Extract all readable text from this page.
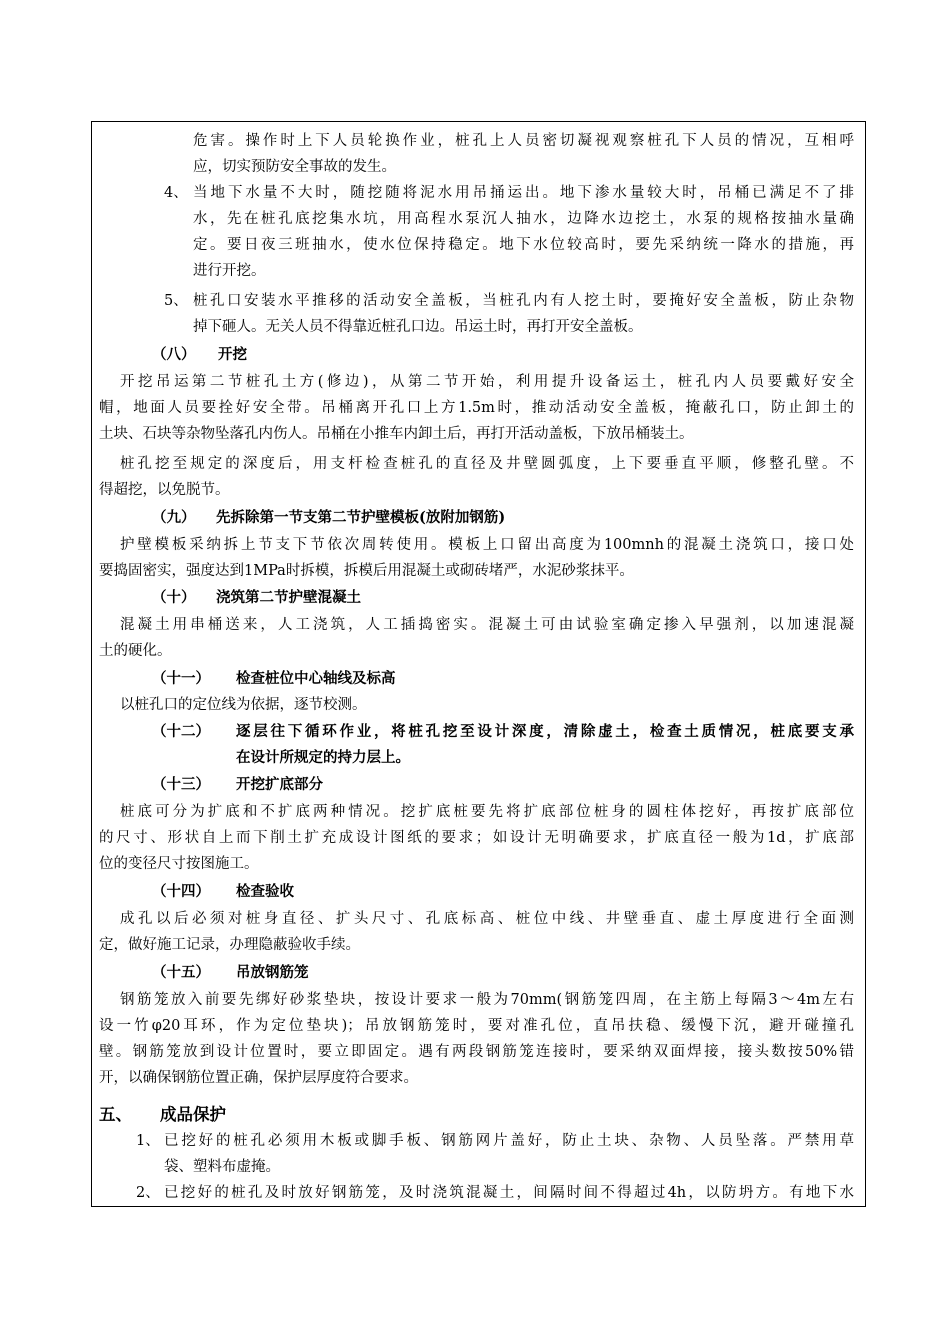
危害。操作时上下人员轮换作业，桩孔上人员密切凝视观察桩孔下人员的情况，互相呼
应，切实预防安全事故的发生。
4、 当地下水量不大时，随挖随将泥水用吊捅运出。地下渗水量较大时，吊桶已满足不了排
水，先在桩孔底挖集水坑，用高程水泵沉人抽水，边降水边挖土，水泵的规格按抽水量确
定。要日夜三班抽水，使水位保持稳定。地下水位较高时，要先采纳统一降水的措施，再
进行开挖。
5、 桩孔口安装水平推移的活动安全盖板，当桩孔内有人挖土时，要掩好安全盖板，防止杂物
掉下砸人。无关人员不得靠近桩孔口边。吊运土时，再打开安全盖板。
（八） 开挖
开挖吊运第二节桩孔土方(修边)，从第二节开始，利用提升设备运土，桩孔内人员要戴好安全
帽，地面人员要拴好安全带。吊桶离开孔口上方1.5m时，推动活动安全盖板，掩蔽孔口，防止卸土的
土块、石块等杂物坠落孔内伤人。吊桶在小推车内卸土后，再打开活动盖板，下放吊桶装土。
桩孔挖至规定的深度后，用支杆检查桩孔的直径及井壁圆弧度，上下要垂直平顺，修整孔壁。不
得超挖，以免脱节。
（九） 先拆除第一节支第二节护壁模板(放附加钢筋)
护壁模板采纳拆上节支下节依次周转使用。模板上口留出高度为100mnh的混凝土浇筑口，接口处
要捣固密实，强度达到1MPa时拆模，拆模后用混凝土或砌砖堵严，水泥砂浆抹平。
（十） 浇筑第二节护壁混凝土
混凝土用串桶送来，人工浇筑，人工插捣密实。混凝土可由试验室确定掺入早强剂，以加速混凝
土的硬化。
（十一） 检查桩位中心轴线及标高
以桩孔口的定位线为依据，逐节校测。
（十二） 逐层往下循环作业，将桩孔挖至设计深度，清除虚土，检查土质情况，桩底要支承
在设计所规定的持力层上。
（十三） 开挖扩底部分
桩底可分为扩底和不扩底两种情况。挖扩底桩要先将扩底部位桩身的圆柱体挖好，再按扩底部位
的尺寸、形状自上而下削土扩充成设计图纸的要求；如设计无明确要求，扩底直径一般为1d，扩底部
位的变径尺寸按图施工。
（十四） 检查验收
成孔以后必须对桩身直径、扩头尺寸、孔底标高、桩位中线、井壁垂直、虚土厚度进行全面测
定，做好施工记录，办理隐蔽验收手续。
（十五） 吊放钢筋笼
钢筋笼放入前要先绑好砂浆垫块，按设计要求一般为70mm(钢筋笼四周，在主筋上每隔3～4m左右
设一竹φ20耳环，作为定位垫块)；吊放钢筋笼时，要对准孔位，直吊扶稳、缓慢下沉，避开碰撞孔
壁。钢筋笼放到设计位置时，要立即固定。遇有两段钢筋笼连接时，要采纳双面焊接，接头数按50%错
开，以确保钢筋位置正确，保护层厚度符合要求。
五、 成品保护
1、 已挖好的桩孔必须用木板或脚手板、钢筋网片盖好，防止土块、杂物、人员坠落。严禁用草
袋、塑料布虚掩。
2、 已挖好的桩孔及时放好钢筋笼，及时浇筑混凝土，间隔时间不得超过4h，以防坍方。有地下水
